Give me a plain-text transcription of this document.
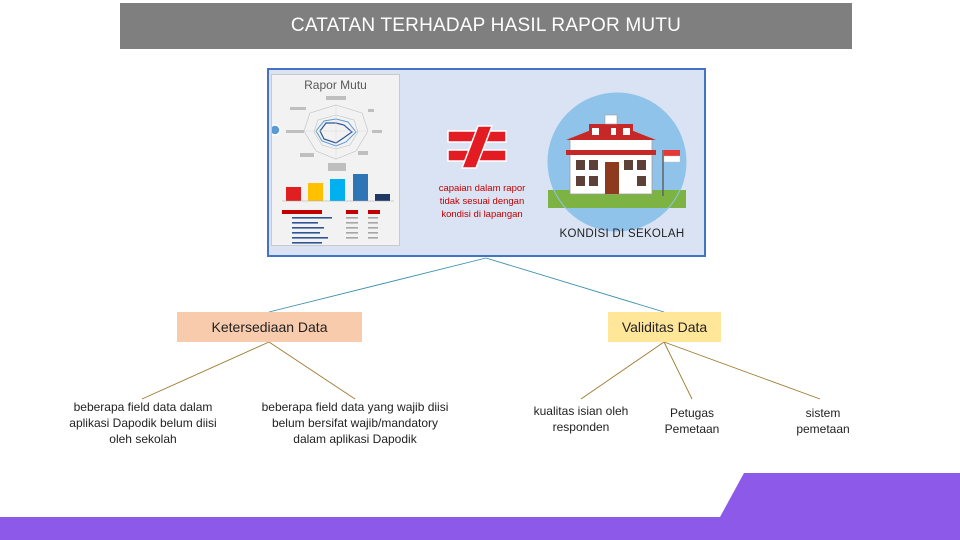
CATATAN TERHADAP HASIL RAPOR MUTU
Rapor Mutu
capaian dalam rapor tidak sesuai dengan kondisi di lapangan
KONDISI DI SEKOLAH
Ketersediaan Data	Validitas Data
beberapa field data dalam aplikasi Dapodik belum diisi oleh sekolah
beberapa field data yang wajib diisi belum bersifat wajib/mandatory dalam aplikasi Dapodik
kualitas isian oleh responden
Petugas Pemetaan
sistem pemetaan
